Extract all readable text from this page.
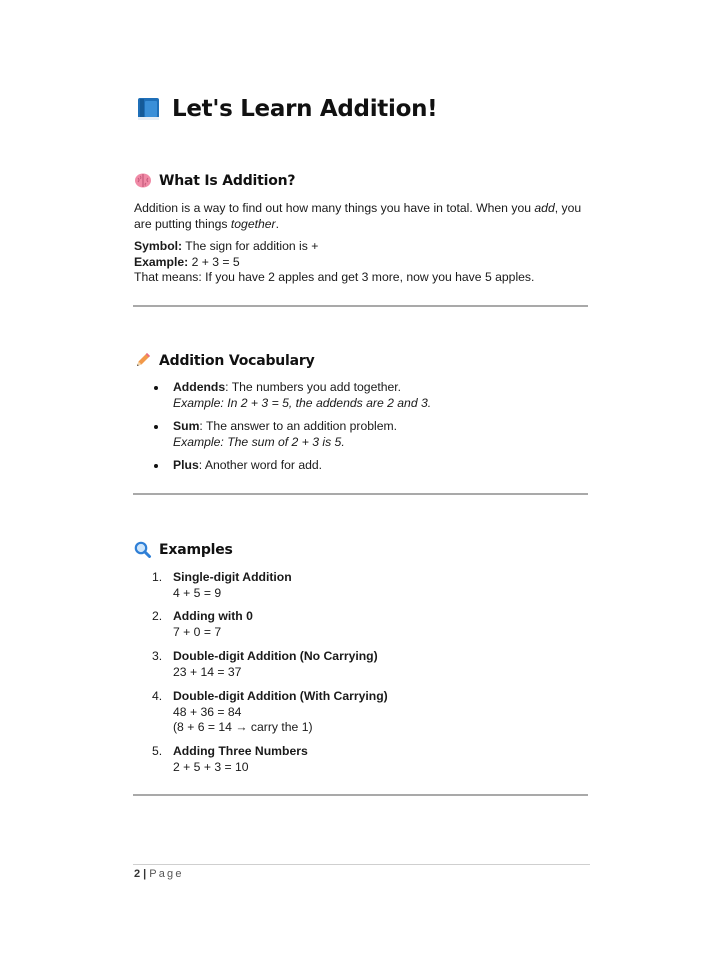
Let's Learn Addition!
What Is Addition?
Addition is a way to find out how many things you have in total. When you add, you are putting things together.
Symbol: The sign for addition is +
Example: 2 + 3 = 5
That means: If you have 2 apples and get 3 more, now you have 5 apples.
Addition Vocabulary
Addends: The numbers you add together.
Example: In 2 + 3 = 5, the addends are 2 and 3.
Sum: The answer to an addition problem.
Example: The sum of 2 + 3 is 5.
Plus: Another word for add.
Examples
1. Single-digit Addition
4 + 5 = 9
2. Adding with 0
7 + 0 = 7
3. Double-digit Addition (No Carrying)
23 + 14 = 37
4. Double-digit Addition (With Carrying)
48 + 36 = 84
(8 + 6 = 14 → carry the 1)
5. Adding Three Numbers
2 + 5 + 3 = 10
2 | Page
